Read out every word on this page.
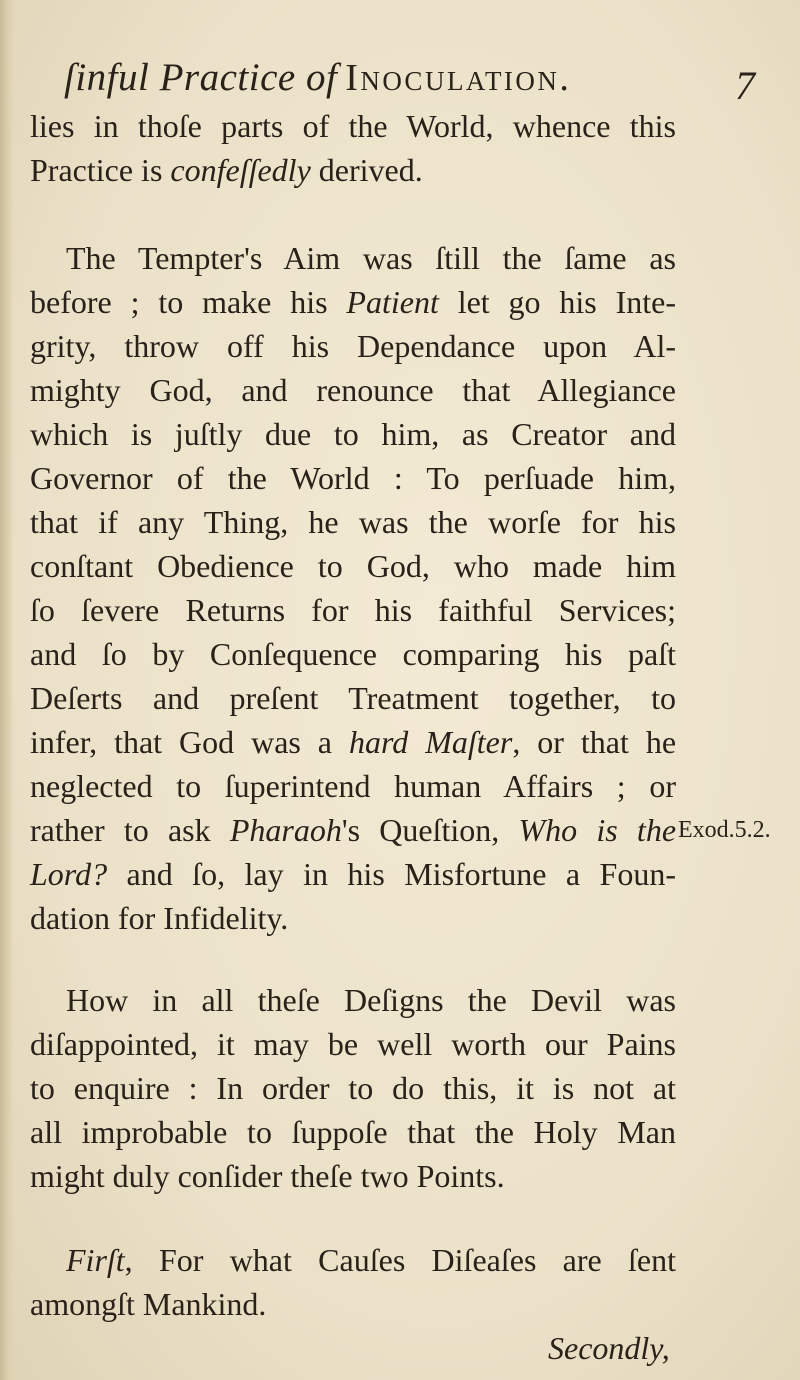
ſinful Practice of Inoculation.	7
lies in thoſe parts of the World, whence this
Practice is confeſſedly derived.
The Tempter's Aim was ſtill the ſame as
before ; to make his Patient let go his Inte-
grity, throw off his Dependance upon Al-
mighty God, and renounce that Allegiance
which is juſtly due to him, as Creator and
Governor of the World : To perſuade him,
that if any Thing, he was the worſe for his
conſtant Obedience to God, who made him
ſo ſevere Returns for his faithful Services;
and ſo by Conſequence comparing his paſt
Deſerts and preſent Treatment together, to
infer, that God was a hard Maſter, or that he
neglected to ſuperintend human Affairs ; or
rather to ask Pharaoh's Queſtion, Who is the
Lord? and ſo, lay in his Misfortune a Foun-
dation for Infidelity.
How in all theſe Deſigns the Devil was
diſappointed, it may be well worth our Pains
to enquire : In order to do this, it is not at
all improbable to ſuppoſe that the Holy Man
might duly conſider theſe two Points.
Firſt, For what Cauſes Diſeaſes are ſent
amongſt Mankind.
Exod.5.2.
Secondly,
